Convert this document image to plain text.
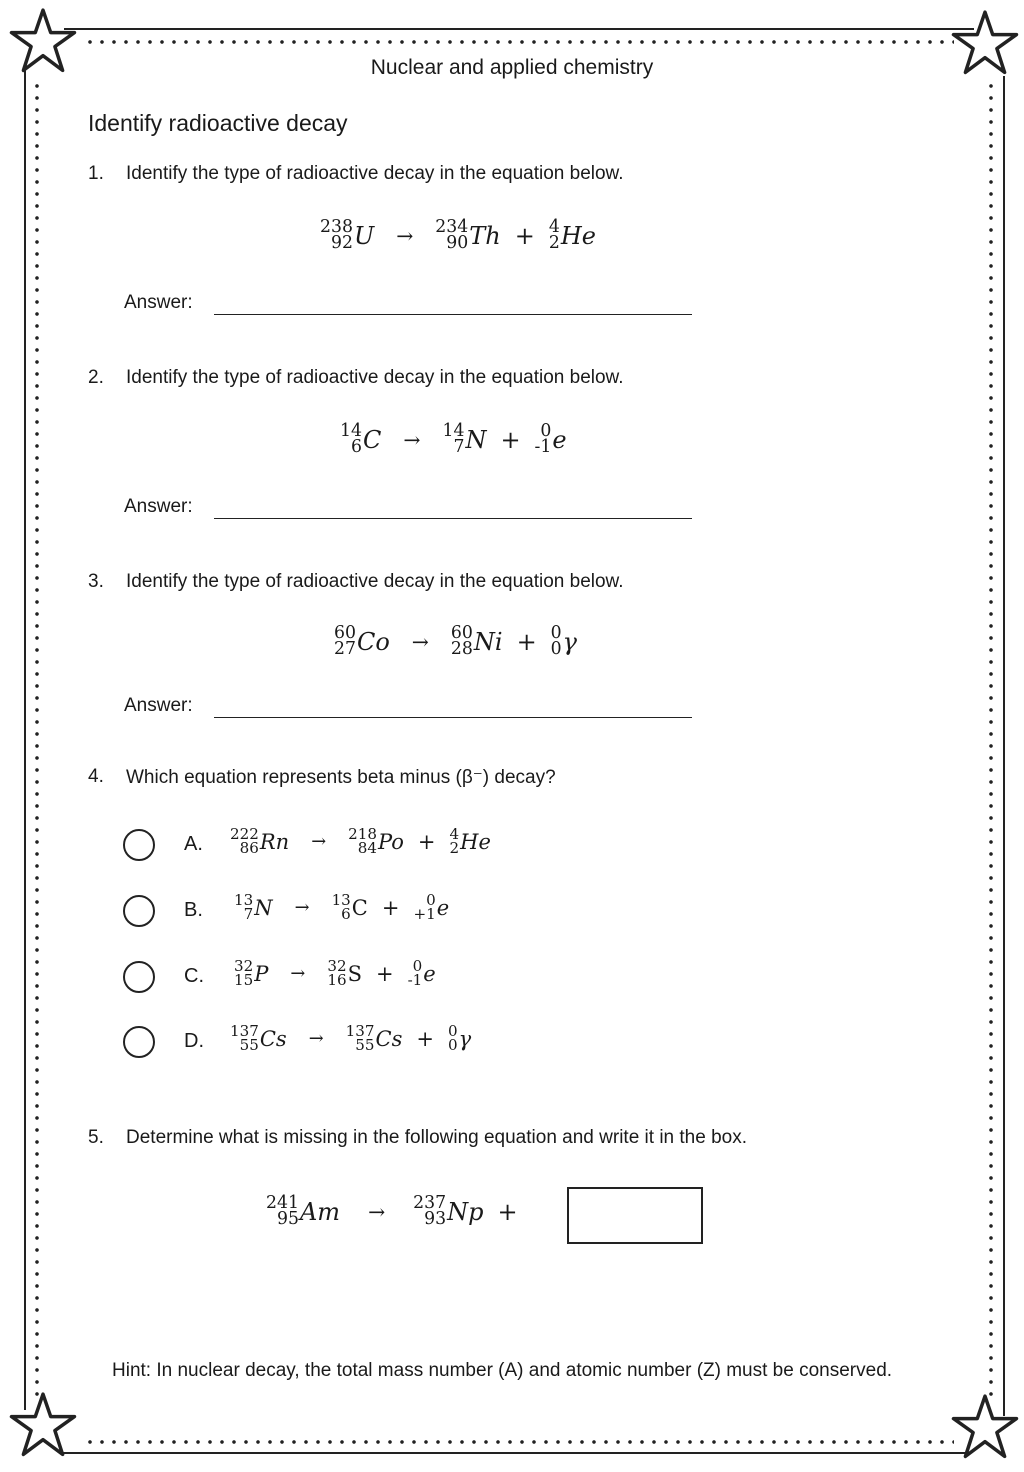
Nuclear and applied chemistry
Identify radioactive decay
1. Identify the type of radioactive decay in the equation below.
238
92 U → 234
90 Th + 4
2 He
Answer:
2. Identify the type of radioactive decay in the equation below.
14
6 C → 14
7 N + 0
-1 e
Answer:
3. Identify the type of radioactive decay in the equation below.
60
27 Co → 60
28 Ni + 0
0 γ
Answer:
4. Which equation represents beta minus (β⁻) decay?
A. 222
86 Rn → 218
84 Po + 4
2 He
B. 13
7 N → 13
6 C + 0
+1 e
C. 32
15 P → 32
16 S + 0
-1 e
D. 137
55 Cs → 137
55 Cs + 0
0 γ
5. Determine what is missing in the following equation and write it in the box.
241
95 Am → 237
93 Np +
Hint: In nuclear decay, the total mass number (A) and atomic number (Z) must be conserved.
